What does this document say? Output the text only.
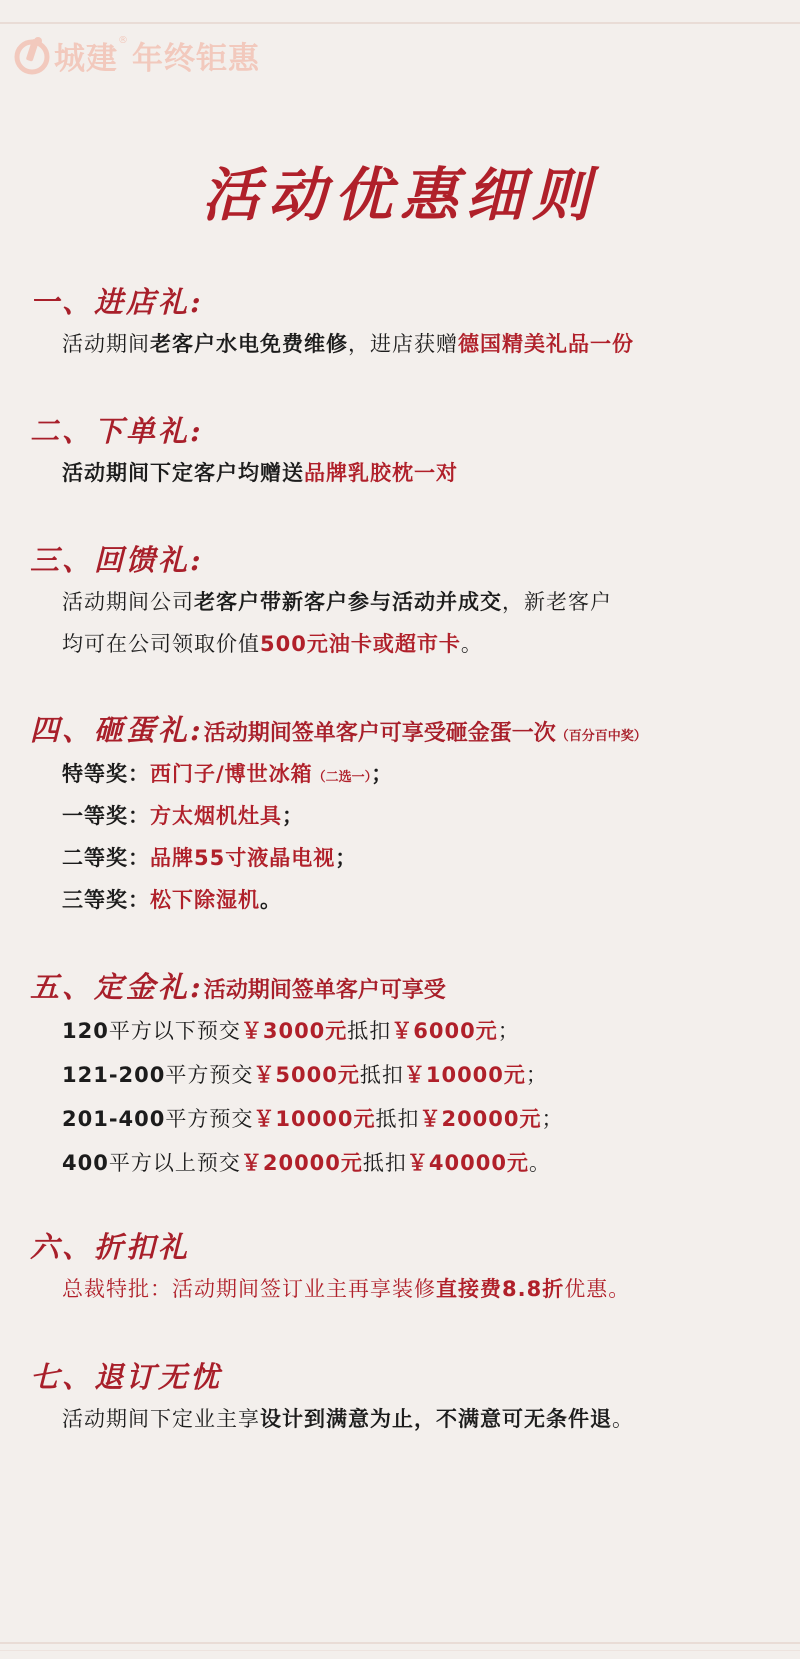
城建 ® 年终钜惠
活动优惠细则
一、进店礼:
活动期间老客户水电免费维修，进店获赠德国精美礼品一份
二、下单礼:
活动期间下定客户均赠送品牌乳胶枕一对
三、回馈礼:
活动期间公司老客户带新客户参与活动并成交，新老客户
均可在公司领取价值500元油卡或超市卡。
四、砸蛋礼:活动期间签单客户可享受砸金蛋一次（百分百中奖）
特等奖：西门子/博世冰箱（二选一）；
一等奖：方太烟机灶具；
二等奖：品牌55寸液晶电视；
三等奖：松下除湿机。
五、定金礼:活动期间签单客户可享受
120平方以下预交￥3000元抵扣￥6000元；
121-200平方预交￥5000元抵扣￥10000元；
201-400平方预交￥10000元抵扣￥20000元；
400平方以上预交￥20000元抵扣￥40000元。
六、折扣礼
总裁特批：活动期间签订业主再享装修直接费8.8折优惠。
七、退订无忧
活动期间下定业主享设计到满意为止，不满意可无条件退。
